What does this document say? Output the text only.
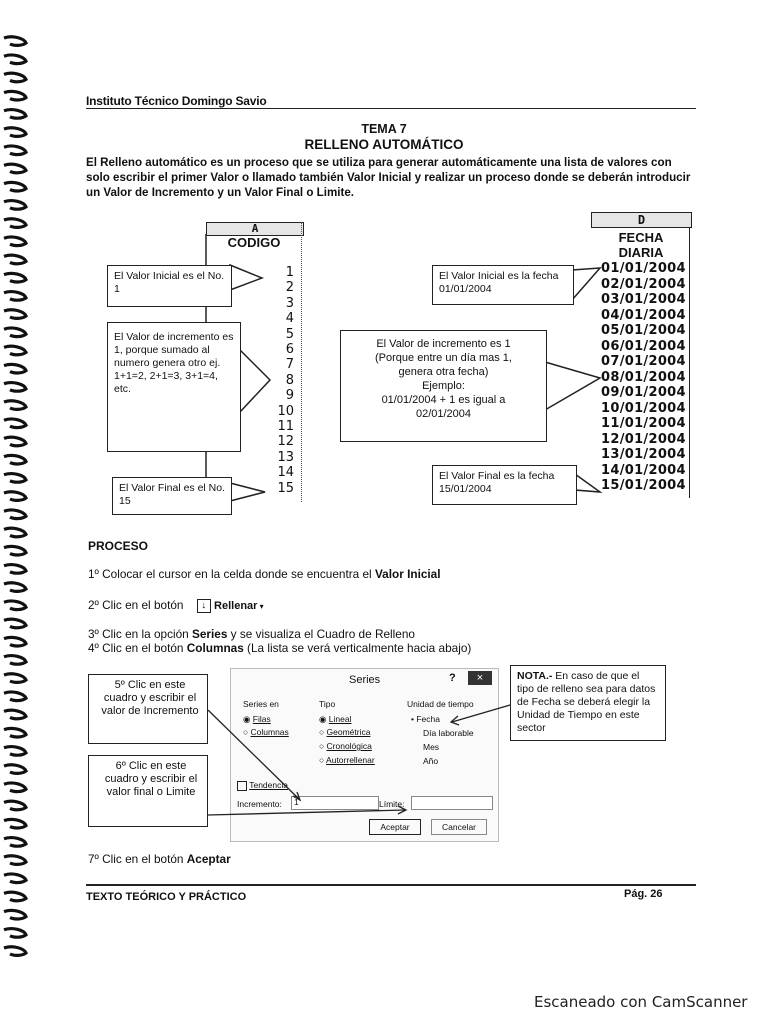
Instituto Técnico Domingo Savio
TEMA 7
RELLENO AUTOMÁTICO
El Relleno automático es un proceso que se utiliza para generar automáticamente una lista de valores con solo escribir el primer Valor o llamado también Valor Inicial y realizar un proceso donde se deberán introducir un Valor de Incremento y un Valor Final o Limite.
A
CODIGO
1
2
3
4
5
6
7
8
9
10
11
12
13
14
15
D
FECHA
DIARIA
01/01/2004
02/01/2004
03/01/2004
04/01/2004
05/01/2004
06/01/2004
07/01/2004
08/01/2004
09/01/2004
10/01/2004
11/01/2004
12/01/2004
13/01/2004
14/01/2004
15/01/2004
El Valor Inicial es el No. 1
El Valor de incremento es 1, porque sumado al numero genera otro ej. 1+1=2, 2+1=3, 3+1=4, etc.
El Valor Final es el No. 15
El Valor Inicial es la fecha 01/01/2004
El Valor de incremento es 1
(Porque entre un día mas 1,
genera otra fecha)
Ejemplo:
01/01/2004 + 1 es igual a
02/01/2004
El Valor Final es la fecha 15/01/2004
PROCESO
1º Colocar el cursor en la celda donde se encuentra el Valor Inicial
2º Clic en el botón ↓ Rellenar ▾
3º Clic en la opción Series y se visualiza el Cuadro de Relleno
4º Clic en el botón Columnas (La lista se verá verticalmente hacia abajo)
Series	?	×
Series en
◉ Filas
○ Columnas
Tipo
◉ Lineal
○ Geométrica
○ Cronológica
○ Autorrellenar
Unidad de tiempo
• Fecha
Día laborable
Mes
Año
Tendencia
Incremento:	1	Límite:
Aceptar	Cancelar
5º Clic en este cuadro y escribir el valor de Incremento
6º Clic en este cuadro y escribir el valor final o Limite
NOTA.- En caso de que el tipo de relleno sea para datos de Fecha se deberá elegir la Unidad de Tiempo en este sector
7º Clic en el botón Aceptar
TEXTO TEÓRICO Y PRÁCTICO	Pág. 26
Escaneado con CamScanner
